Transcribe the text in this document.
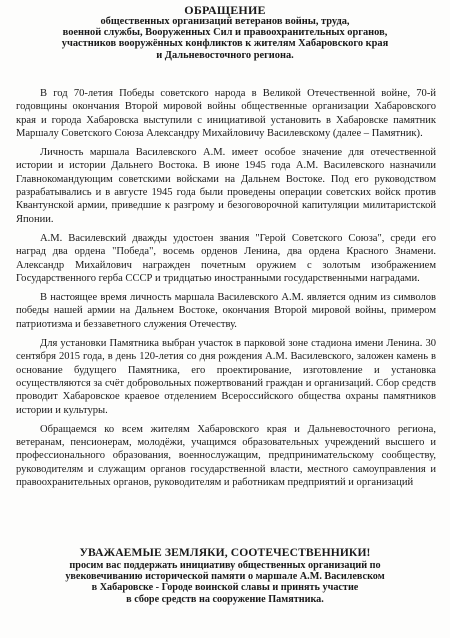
ОБРАЩЕНИЕ
общественных организаций ветеранов войны, труда,
военной службы, Вооруженных Сил и правоохранительных органов,
участников вооружённых конфликтов к жителям Хабаровского края
и Дальневосточного региона.

В год 70-летия Победы советского народа в Великой Отечественной войне, 70-й годовщины окончания Второй мировой войны общественные организации Хабаровского края и города Хабаровска выступили с инициативой установить в Хабаровске памятник Маршалу Советского Союза Александру Михайловичу Василевскому (далее – Памятник).

Личность маршала Василевского А.М. имеет особое значение для отечественной истории и истории Дальнего Востока. В июне 1945 года А.М. Василевского назначили Главнокомандующим советскими войсками на Дальнем Востоке. Под его руководством разрабатывались и в августе 1945 года были проведены операции советских войск против Квантунской армии, приведшие к разгрому и безоговорочной капитуляции милитаристской Японии.

А.М. Василевский дважды удостоен звания "Герой Советского Союза", среди его наград два ордена "Победа", восемь орденов Ленина, два ордена Красного Знамени. Александр Михайлович награжден почетным оружием с золотым изображением Государственного герба СССР и тридцатью иностранными государственными наградами.

В настоящее время личность маршала Василевского А.М. является одним из символов победы нашей армии на Дальнем Востоке, окончания Второй мировой войны, примером патриотизма и беззаветного служения Отечеству.

Для установки Памятника выбран участок в парковой зоне стадиона имени Ленина. 30 сентября 2015 года, в день 120-летия со дня рождения А.М. Василевского, заложен камень в основание будущего Памятника, его проектирование, изготовление и установка осуществляются за счёт добровольных пожертвований граждан и организаций. Сбор средств проводит Хабаровское краевое отделением Всероссийского общества охраны памятников истории и культуры.

Обращаемся ко всем жителям Хабаровского края и Дальневосточного региона, ветеранам, пенсионерам, молодёжи, учащимся образовательных учреждений высшего и профессионального образования, военнослужащим, предпринимательскому сообществу, руководителям и служащим органов государственной власти, местного самоуправления и правоохранительных органов, руководителям и работникам предприятий и организаций

УВАЖАЕМЫЕ ЗЕМЛЯКИ, СООТЕЧЕСТВЕННИКИ!
просим вас поддержать инициативу общественных организаций по
увековечиванию исторической памяти о маршале А.М. Василевском
в Хабаровске - Городе воинской славы и принять участие
в сборе средств на сооружение Памятника.
